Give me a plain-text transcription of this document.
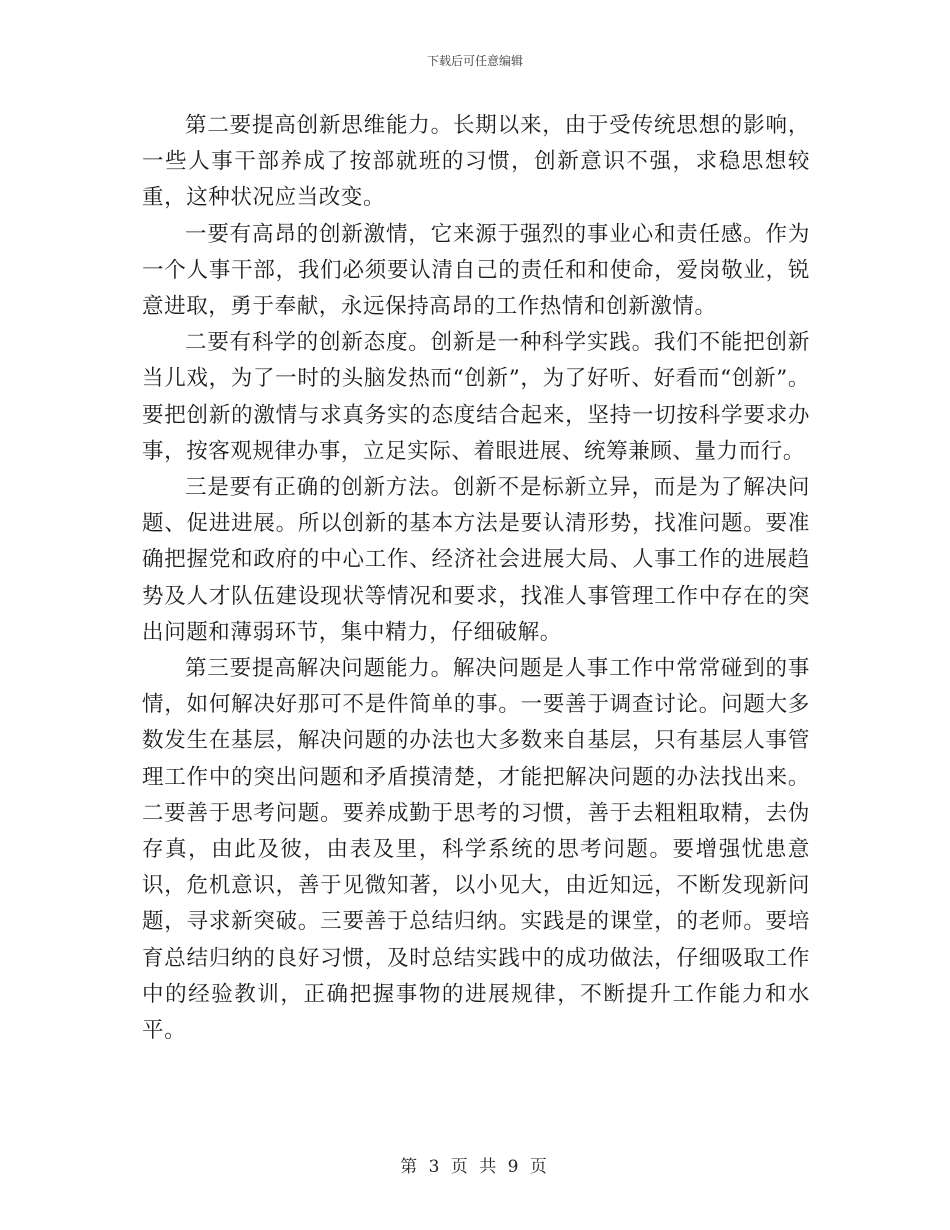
下载后可任意编辑

第二要提高创新思维能力。长期以来，由于受传统思想的影响，一些人事干部养成了按部就班的习惯，创新意识不强，求稳思想较重，这种状况应当改变。

一要有高昂的创新激情，它来源于强烈的事业心和责任感。作为一个人事干部，我们必须要认清自己的责任和和使命，爱岗敬业，锐意进取，勇于奉献，永远保持高昂的工作热情和创新激情。

二要有科学的创新态度。创新是一种科学实践。我们不能把创新当儿戏，为了一时的头脑发热而“创新”，为了好听、好看而“创新”。要把创新的激情与求真务实的态度结合起来，坚持一切按科学要求办事，按客观规律办事，立足实际、着眼进展、统筹兼顾、量力而行。

三是要有正确的创新方法。创新不是标新立异，而是为了解决问题、促进进展。所以创新的基本方法是要认清形势，找准问题。要准确把握党和政府的中心工作、经济社会进展大局、人事工作的进展趋势及人才队伍建设现状等情况和要求，找准人事管理工作中存在的突出问题和薄弱环节，集中精力，仔细破解。

第三要提高解决问题能力。解决问题是人事工作中常常碰到的事情，如何解决好那可不是件简单的事。一要善于调查讨论。问题大多数发生在基层，解决问题的办法也大多数来自基层，只有基层人事管理工作中的突出问题和矛盾摸清楚，才能把解决问题的办法找出来。二要善于思考问题。要养成勤于思考的习惯，善于去粗粗取精，去伪存真，由此及彼，由表及里，科学系统的思考问题。要增强忧患意识，危机意识，善于见微知著，以小见大，由近知远，不断发现新问题，寻求新突破。三要善于总结归纳。实践是的课堂，的老师。要培育总结归纳的良好习惯，及时总结实践中的成功做法，仔细吸取工作中的经验教训，正确把握事物的进展规律，不断提升工作能力和水平。

第 3 页 共 9 页
